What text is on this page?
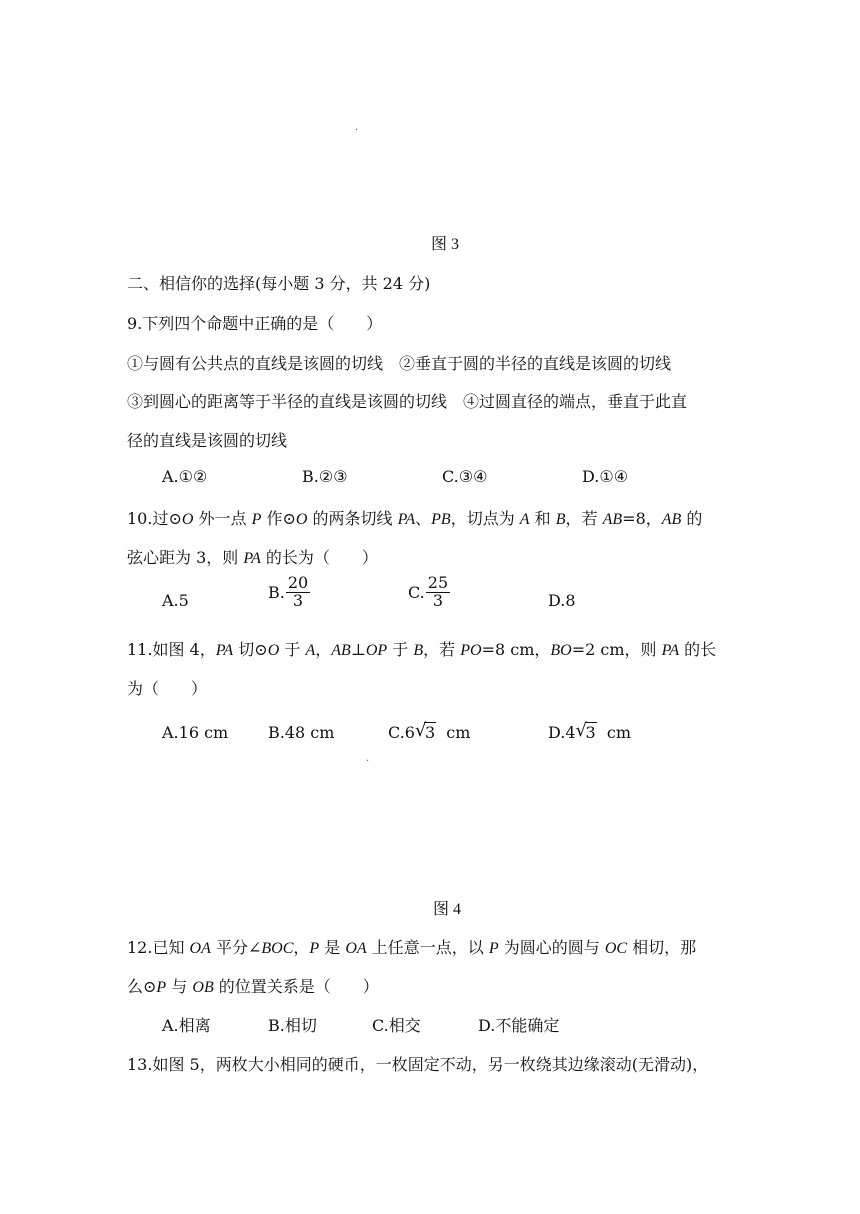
.
图 3
二、相信你的选择(每小题 3 分，共 24 分)
9.下列四个命题中正确的是（　　）
①与圆有公共点的直线是该圆的切线　②垂直于圆的半径的直线是该圆的切线
③到圆心的距离等于半径的直线是该圆的切线　④过圆直径的端点，垂直于此直
径的直线是该圆的切线
A.①②	B.②③	C.③④	D.①④
10.过⊙O 外一点 P 作⊙O 的两条切线 PA、PB，切点为 A 和 B，若 AB=8，AB 的
弦心距为 3，则 PA 的长为（　　）
A.5	B. $\frac{20}{3}$	C. $\frac{25}{3}$	D.8
11.如图 4，PA 切⊙O 于 A，AB⊥OP 于 B，若 PO=8 cm，BO=2 cm，则 PA 的长
为（　　）
A.16 cm B.48 cm	C.6 √
3 cm	D.4 √
3 cm
.
图 4
12.已知 OA 平分∠BOC，P 是 OA 上任意一点，以 P 为圆心的圆与 OC 相切，那
么⊙P 与 OB 的位置关系是（　　）
A.相离	B.相切	C.相交	D.不能确定
13.如图 5，两枚大小相同的硬币，一枚固定不动，另一枚绕其边缘滚动(无滑动)，
